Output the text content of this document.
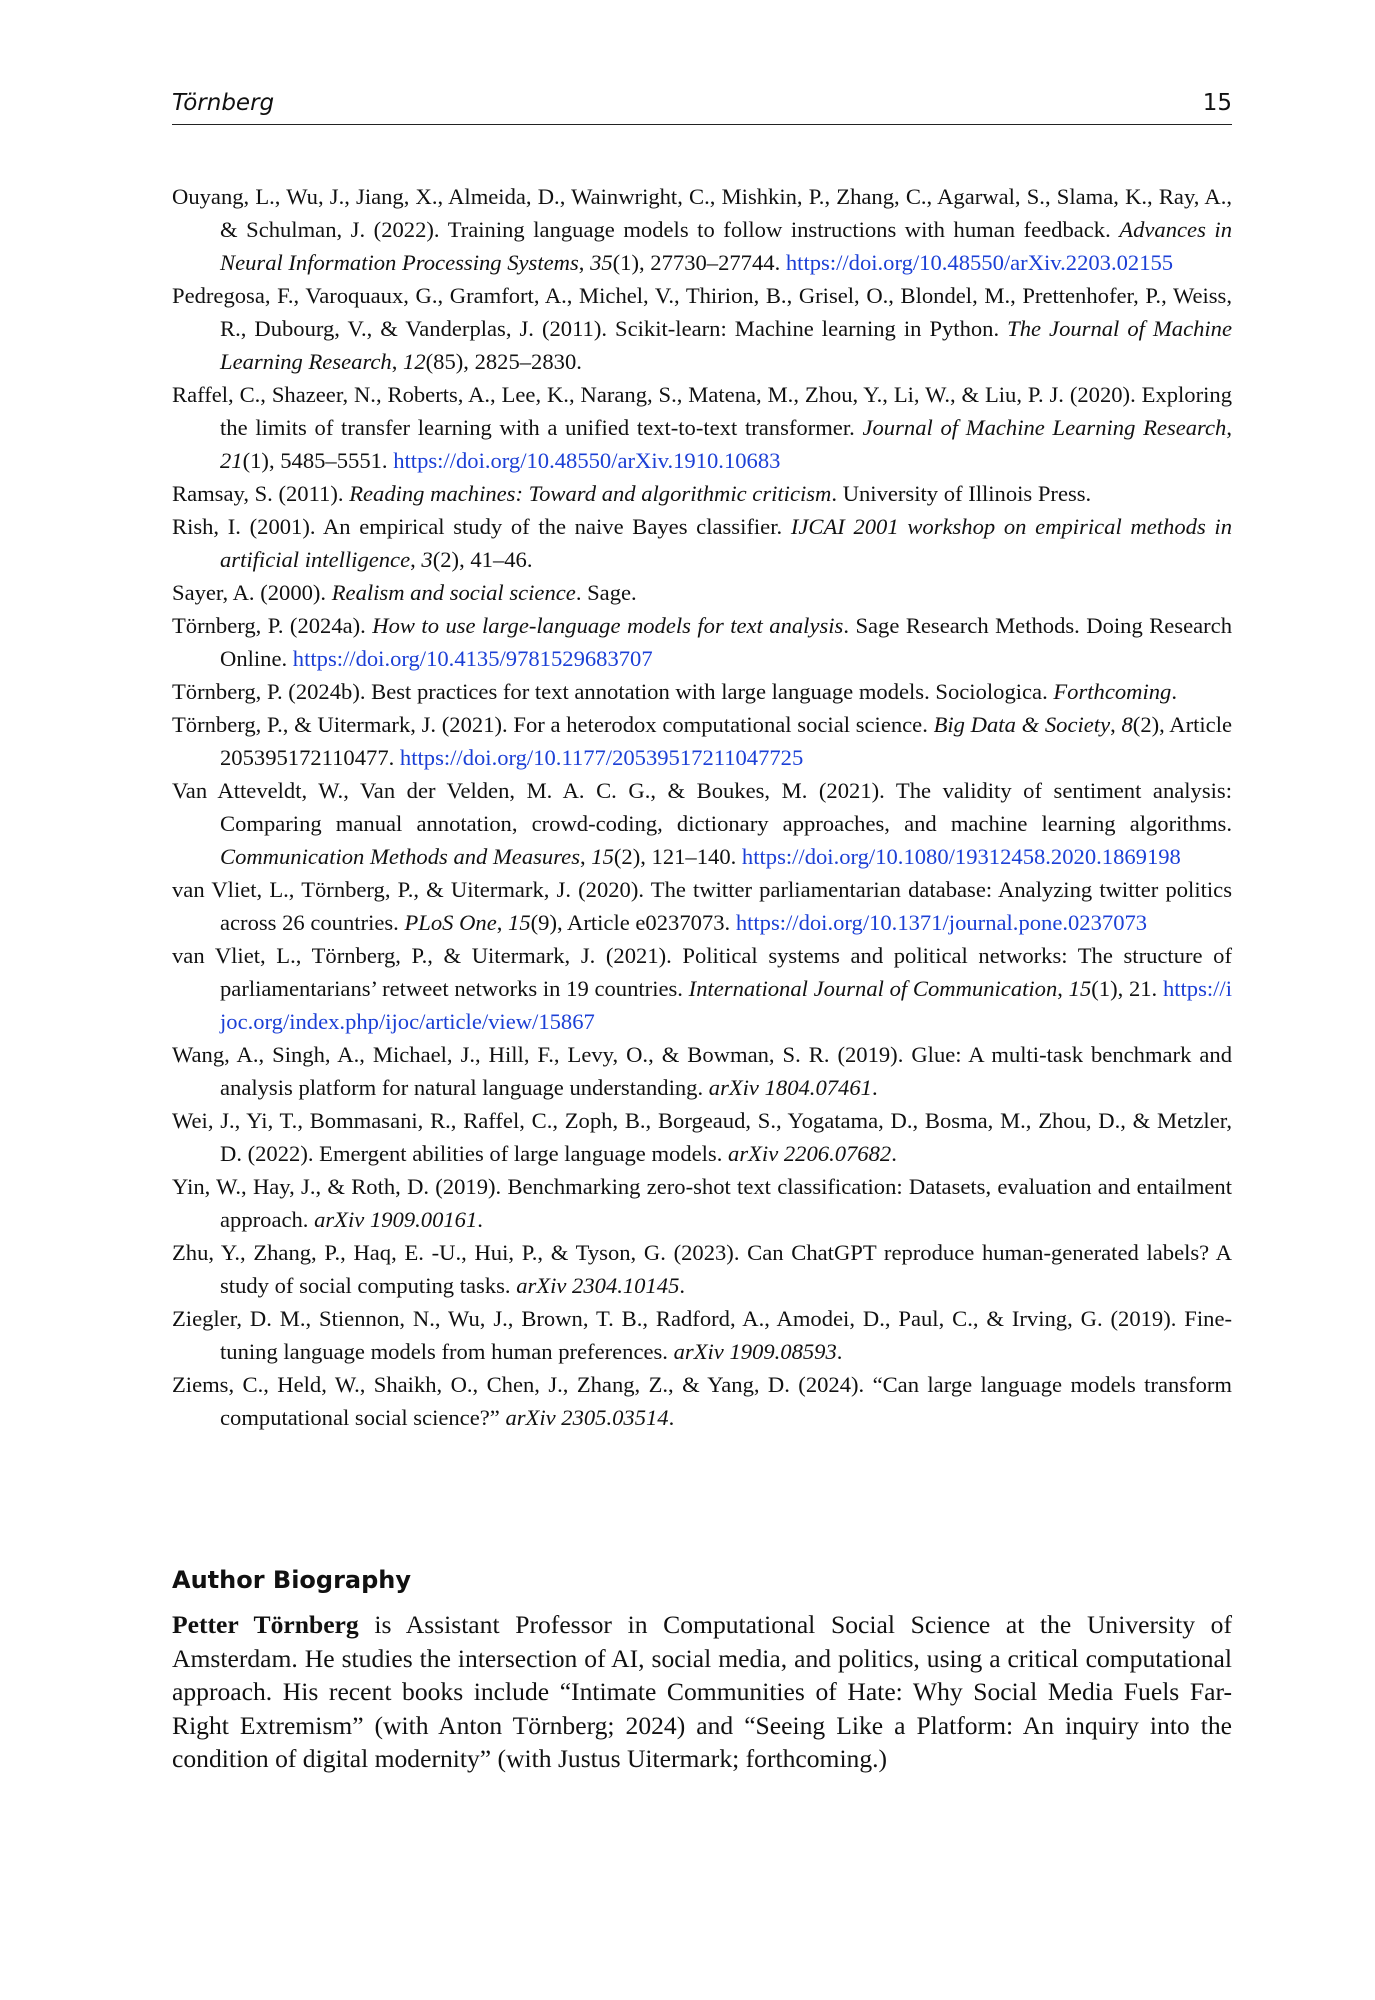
Törnberg	15
Ouyang, L., Wu, J., Jiang, X., Almeida, D., Wainwright, C., Mishkin, P., Zhang, C., Agarwal, S., Slama, K., Ray, A., & Schulman, J. (2022). Training language models to follow instructions with human feedback. Advances in Neural Information Processing Systems, 35(1), 27730–27744. https://doi.org/10.48550/arXiv.2203.02155
Pedregosa, F., Varoquaux, G., Gramfort, A., Michel, V., Thirion, B., Grisel, O., Blondel, M., Prettenhofer, P., Weiss, R., Dubourg, V., & Vanderplas, J. (2011). Scikit-learn: Machine learning in Python. The Journal of Machine Learning Research, 12(85), 2825–2830.
Raffel, C., Shazeer, N., Roberts, A., Lee, K., Narang, S., Matena, M., Zhou, Y., Li, W., & Liu, P. J. (2020). Exploring the limits of transfer learning with a unified text-to-text transformer. Journal of Machine Learning Research, 21(1), 5485–5551. https://doi.org/10.48550/arXiv.1910.10683
Ramsay, S. (2011). Reading machines: Toward and algorithmic criticism. University of Illinois Press.
Rish, I. (2001). An empirical study of the naive Bayes classifier. IJCAI 2001 workshop on empirical methods in artificial intelligence, 3(2), 41–46.
Sayer, A. (2000). Realism and social science. Sage.
Törnberg, P. (2024a). How to use large-language models for text analysis. Sage Research Methods. Doing Research Online. https://doi.org/10.4135/9781529683707
Törnberg, P. (2024b). Best practices for text annotation with large language models. Sociologica. Forthcoming.
Törnberg, P., & Uitermark, J. (2021). For a heterodox computational social science. Big Data & Society, 8(2), Article 205395172110477. https://doi.org/10.1177/20539517211047725
Van Atteveldt, W., Van der Velden, M. A. C. G., & Boukes, M. (2021). The validity of sentiment analysis: Comparing manual annotation, crowd-coding, dictionary approaches, and machine learning algorithms. Communication Methods and Measures, 15(2), 121–140. https://doi.org/10.1080/19312458.2020.1869198
van Vliet, L., Törnberg, P., & Uitermark, J. (2020). The twitter parliamentarian database: Analyzing twitter politics across 26 countries. PLoS One, 15(9), Article e0237073. https://doi.org/10.1371/journal.pone.0237073
van Vliet, L., Törnberg, P., & Uitermark, J. (2021). Political systems and political networks: The structure of parliamentarians’ retweet networks in 19 countries. International Journal of Communication, 15(1), 21. https://ijoc.org/index.php/ijoc/article/view/15867
Wang, A., Singh, A., Michael, J., Hill, F., Levy, O., & Bowman, S. R. (2019). Glue: A multi-task benchmark and analysis platform for natural language understanding. arXiv 1804.07461.
Wei, J., Yi, T., Bommasani, R., Raffel, C., Zoph, B., Borgeaud, S., Yogatama, D., Bosma, M., Zhou, D., & Metzler, D. (2022). Emergent abilities of large language models. arXiv 2206.07682.
Yin, W., Hay, J., & Roth, D. (2019). Benchmarking zero-shot text classification: Datasets, evaluation and entailment approach. arXiv 1909.00161.
Zhu, Y., Zhang, P., Haq, E. -U., Hui, P., & Tyson, G. (2023). Can ChatGPT reproduce human-generated labels? A study of social computing tasks. arXiv 2304.10145.
Ziegler, D. M., Stiennon, N., Wu, J., Brown, T. B., Radford, A., Amodei, D., Paul, C., & Irving, G. (2019). Fine-tuning language models from human preferences. arXiv 1909.08593.
Ziems, C., Held, W., Shaikh, O., Chen, J., Zhang, Z., & Yang, D. (2024). “Can large language models transform computational social science?” arXiv 2305.03514.
Author Biography
Petter Törnberg is Assistant Professor in Computational Social Science at the University of Amsterdam. He studies the intersection of AI, social media, and politics, using a critical computational approach. His recent books include “Intimate Communities of Hate: Why Social Media Fuels Far-Right Extremism” (with Anton Törnberg; 2024) and “Seeing Like a Platform: An inquiry into the condition of digital modernity” (with Justus Uitermark; forthcoming.)
